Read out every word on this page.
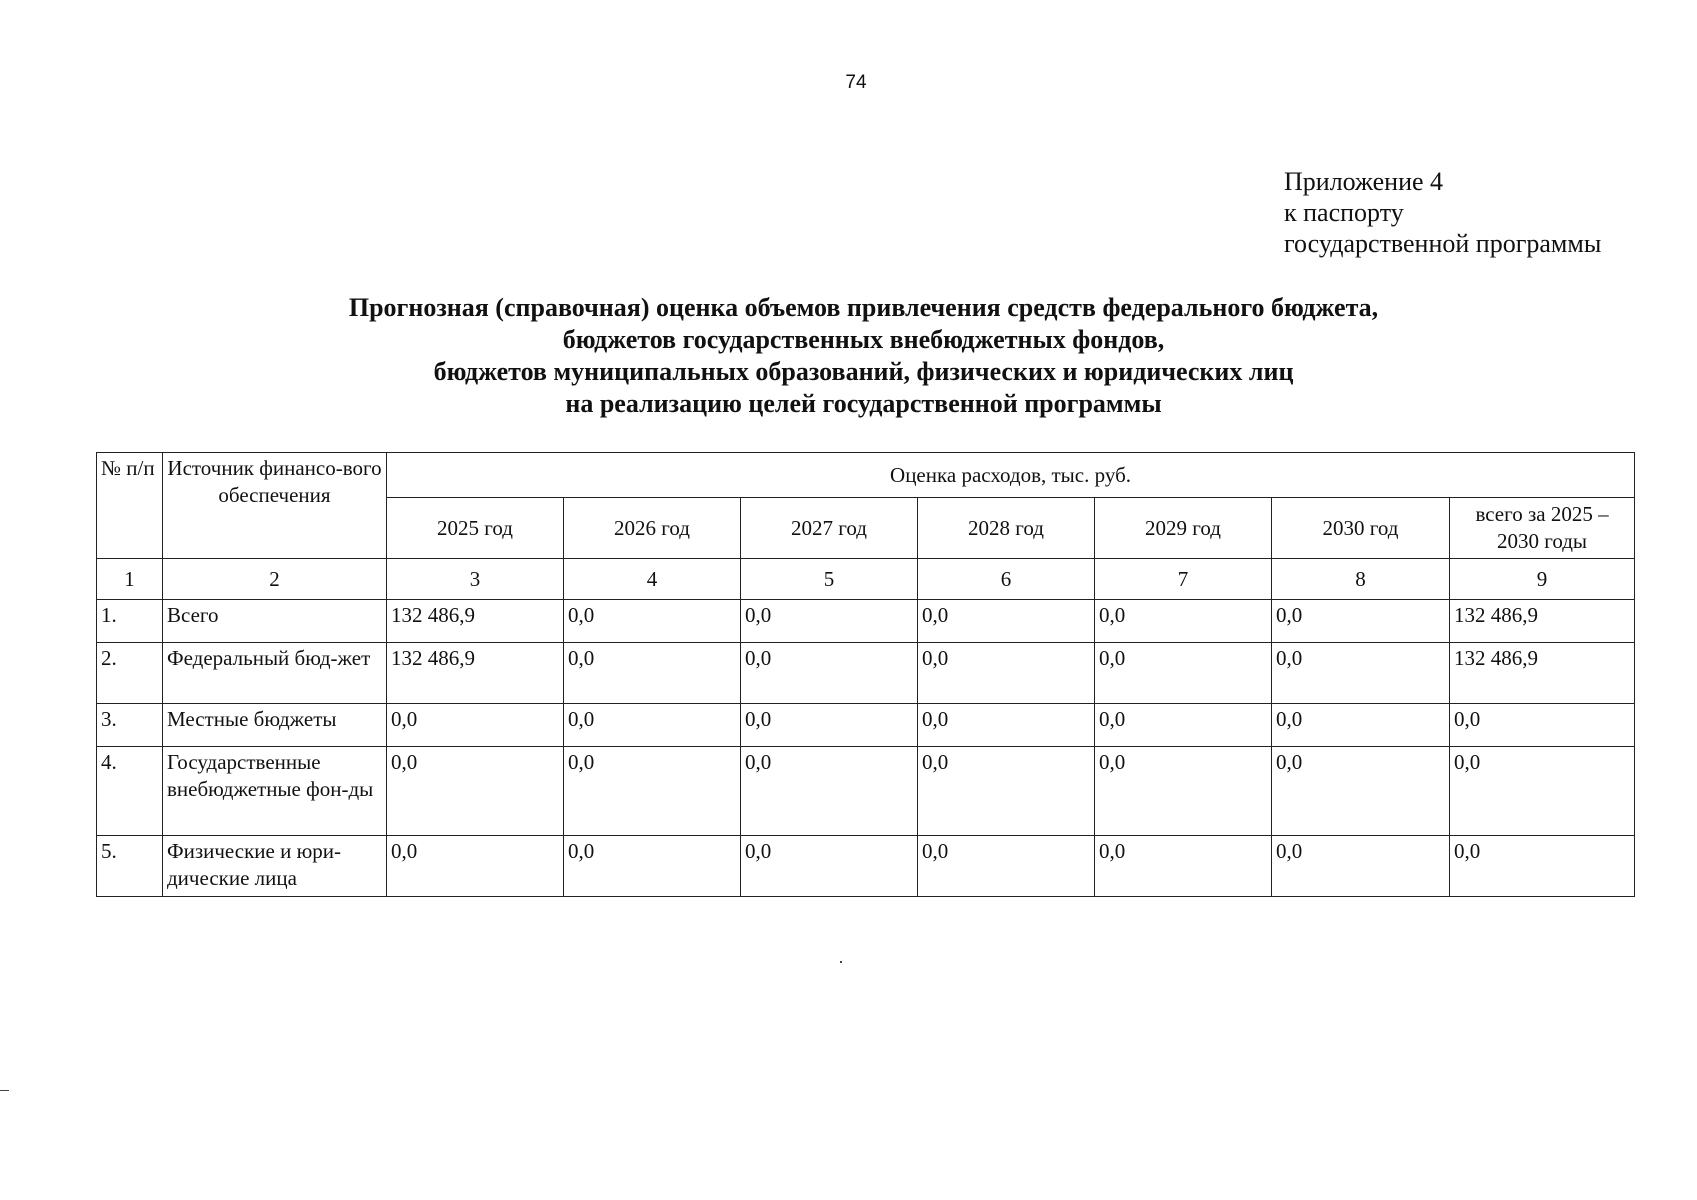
74
Приложение 4
к паспорту
государственной программы
Прогнозная (справочная) оценка объемов привлечения средств федерального бюджета,
бюджетов государственных внебюджетных фондов,
бюджетов муниципальных образований, физических и юридических лиц
на реализацию целей государственной программы
№ п/п	Источник финансо-вого обеспечения	Оценка расходов, тыс. руб.						
		2025 год	2026 год	2027 год	2028 год	2029 год	2030 год	всего за 2025 – 2030 годы
1	2	3	4	5	6	7	8	9
1.	Всего	132 486,9	0,0	0,0	0,0	0,0	0,0	132 486,9
2.	Федеральный бюд-жет	132 486,9	0,0	0,0	0,0	0,0	0,0	132 486,9
3.	Местные бюджеты	0,0	0,0	0,0	0,0	0,0	0,0	0,0
4.	Государственные внебюджетные фон-ды	0,0	0,0	0,0	0,0	0,0	0,0	0,0
5.	Физические и юри-дические лица	0,0	0,0	0,0	0,0	0,0	0,0	0,0
